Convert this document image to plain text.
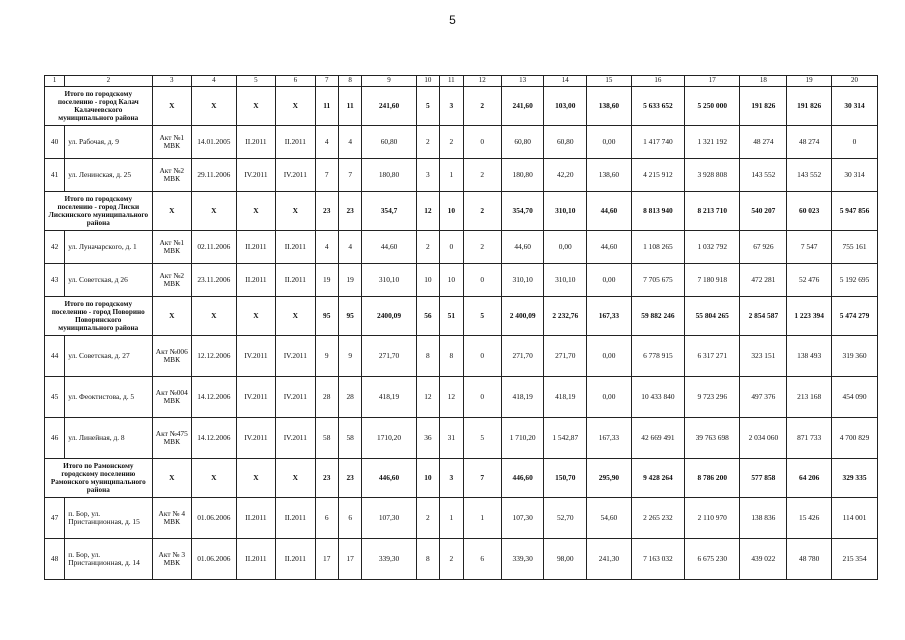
5
1	2	3	4	5	6	7	8	9	10	11	12	13	14	15	16	17	18	19	20
Итого по городскому поселению - город Калач Калачеевского муниципального района		X	X	X	X	11	11	241,60	5	3	2	241,60	103,00	138,60	5 633 652	5 250 000	191 826	191 826	30 314
40	ул. Рабочая, д. 9	Акт №1 МВК	14.01.2005	II.2011	II.2011	4	4	60,80	2	2	0	60,80	60,80	0,00	1 417 740	1 321 192	48 274	48 274	0
41	ул. Ленинская, д. 25	Акт №2 МВК	29.11.2006	IV.2011	IV.2011	7	7	180,80	3	1	2	180,80	42,20	138,60	4 215 912	3 928 808	143 552	143 552	30 314
Итого по городскому поселению - город Лиски Лискинского муниципального района		X	X	X	X	23	23	354,7	12	10	2	354,70	310,10	44,60	8 813 940	8 213 710	540 207	60 023	5 947 856
42	ул. Луначарского, д. 1	Акт №1 МВК	02.11.2006	II.2011	II.2011	4	4	44,60	2	0	2	44,60	0,00	44,60	1 108 265	1 032 792	67 926	7 547	755 161
43	ул. Советская, д 26	Акт №2 МВК	23.11.2006	II.2011	II.2011	19	19	310,10	10	10	0	310,10	310,10	0,00	7 705 675	7 180 918	472 281	52 476	5 192 695
Итого по городскому поселению - город Поворино Поворинского муниципального района		X	X	X	X	95	95	2400,09	56	51	5	2 400,09	2 232,76	167,33	59 882 246	55 804 265	2 854 587	1 223 394	5 474 279
44	ул. Советская, д. 27	Акт №006 МВК	12.12.2006	IV.2011	IV.2011	9	9	271,70	8	8	0	271,70	271,70	0,00	6 778 915	6 317 271	323 151	138 493	319 360
45	ул. Феоктистова, д. 5	Акт №004 МВК	14.12.2006	IV.2011	IV.2011	28	28	418,19	12	12	0	418,19	418,19	0,00	10 433 840	9 723 296	497 376	213 168	454 090
46	ул. Линейная, д. 8	Акт №475 МВК	14.12.2006	IV.2011	IV.2011	58	58	1710,20	36	31	5	1 710,20	1 542,87	167,33	42 669 491	39 763 698	2 034 060	871 733	4 700 829
Итого по Рамонскому городскому поселению Рамонского муниципального района		X	X	X	X	23	23	446,60	10	3	7	446,60	150,70	295,90	9 428 264	8 786 200	577 858	64 206	329 335
47	п. Бор, ул. Пристанционная, д. 15	Акт № 4 МВК	01.06.2006	II.2011	II.2011	6	6	107,30	2	1	1	107,30	52,70	54,60	2 265 232	2 110 970	138 836	15 426	114 001
48	п. Бор, ул. Пристанционная, д. 14	Акт № 3 МВК	01.06.2006	II.2011	II.2011	17	17	339,30	8	2	6	339,30	98,00	241,30	7 163 032	6 675 230	439 022	48 780	215 354
